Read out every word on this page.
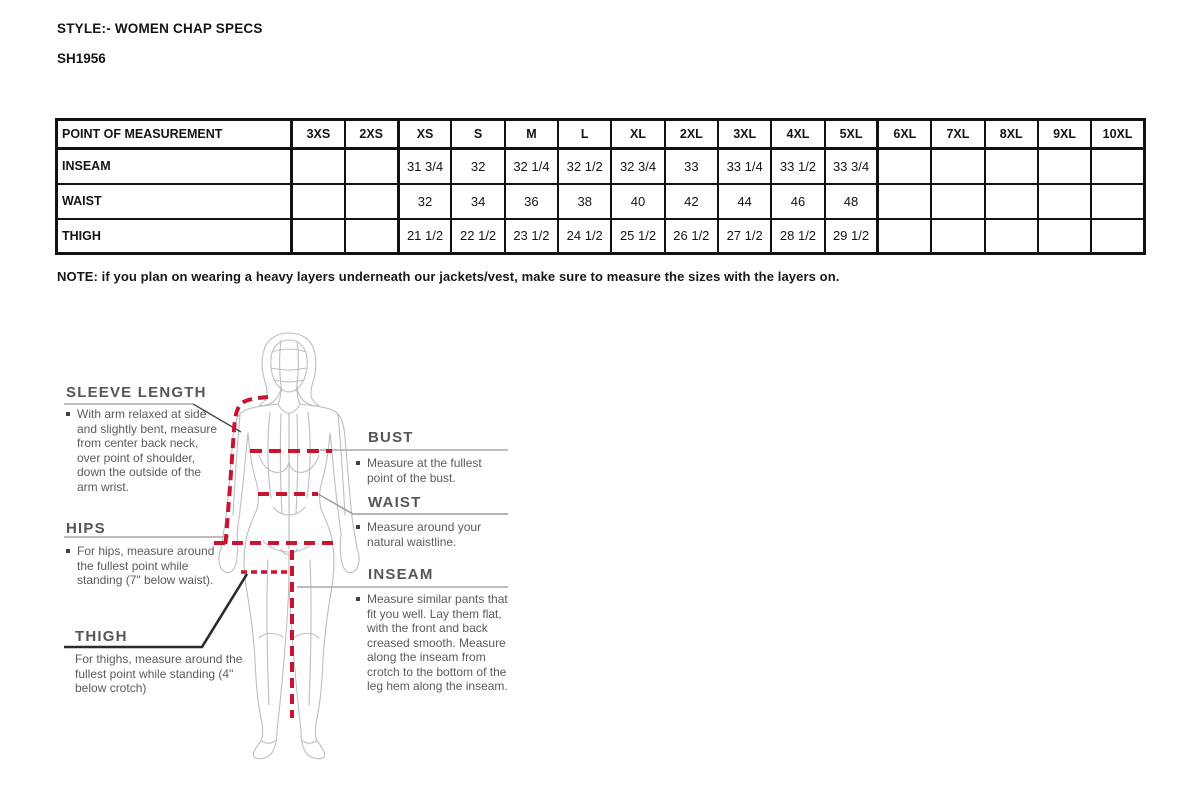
STYLE:- WOMEN CHAP SPECS
SH1956
POINT OF MEASUREMENT	3XS	2XS	XS	S	M	L	XL	2XL	3XL	4XL	5XL	6XL	7XL	8XL	9XL	10XL
INSEAM			31 3/4	32	32 1/4	32 1/2	32 3/4	33	33 1/4	33 1/2	33 3/4					
WAIST			32	34	36	38	40	42	44	46	48					
THIGH			21 1/2	22 1/2	23 1/2	24 1/2	25 1/2	26 1/2	27 1/2	28 1/2	29 1/2					
NOTE: if you plan on wearing a heavy layers underneath our jackets/vest, make sure to measure the sizes with the layers on.
SLEEVE LENGTH
With arm relaxed at side and slightly bent, measure from center back neck, over point of shoulder, down the outside of the arm wrist.
HIPS
For hips, measure around the fullest point while standing (7" below waist).
THIGH
For thighs, measure around the fullest point while standing (4" below crotch)
BUST
Measure at the fullest point of the bust.
WAIST
Measure around your natural waistline.
INSEAM
Measure similar pants that fit you well. Lay them flat, with the front and back creased smooth. Measure along the inseam from crotch to the bottom of the leg hem along the inseam.
